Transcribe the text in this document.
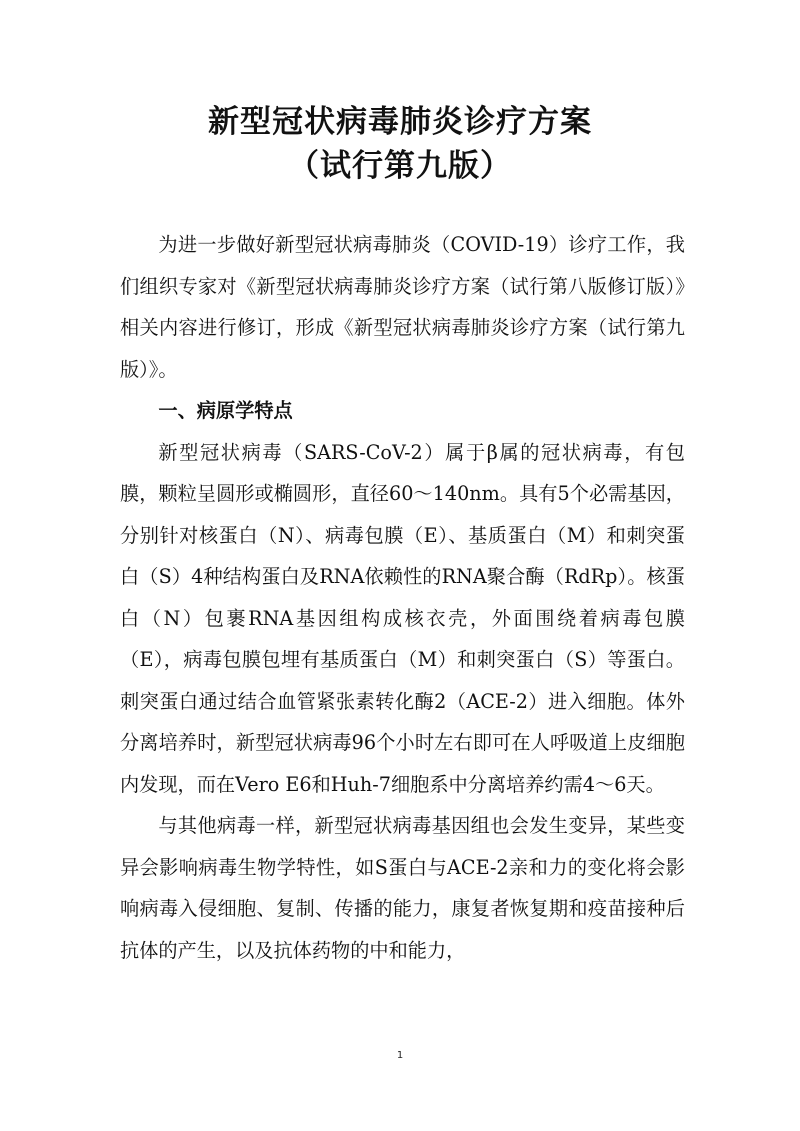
新型冠状病毒肺炎诊疗方案
（试行第九版）

为进一步做好新型冠状病毒肺炎（COVID-19）诊疗工作，我们组织专家对《新型冠状病毒肺炎诊疗方案（试行第八版修订版）》相关内容进行修订，形成《新型冠状病毒肺炎诊疗方案（试行第九版）》。

一、病原学特点

新型冠状病毒（SARS-CoV-2）属于β属的冠状病毒，有包膜，颗粒呈圆形或椭圆形，直径60～140nm。具有5个必需基因，分别针对核蛋白（N）、病毒包膜（E）、基质蛋白（M）和刺突蛋白（S）4种结构蛋白及RNA依赖性的RNA聚合酶（RdRp）。核蛋白（N）包裹RNA基因组构成核衣壳，外面围绕着病毒包膜（E），病毒包膜包埋有基质蛋白（M）和刺突蛋白（S）等蛋白。刺突蛋白通过结合血管紧张素转化酶2（ACE-2）进入细胞。体外分离培养时，新型冠状病毒96个小时左右即可在人呼吸道上皮细胞内发现，而在Vero E6和Huh-7细胞系中分离培养约需4～6天。

与其他病毒一样，新型冠状病毒基因组也会发生变异，某些变异会影响病毒生物学特性，如S蛋白与ACE-2亲和力的变化将会影响病毒入侵细胞、复制、传播的能力，康复者恢复期和疫苗接种后抗体的产生，以及抗体药物的中和能力，

1
